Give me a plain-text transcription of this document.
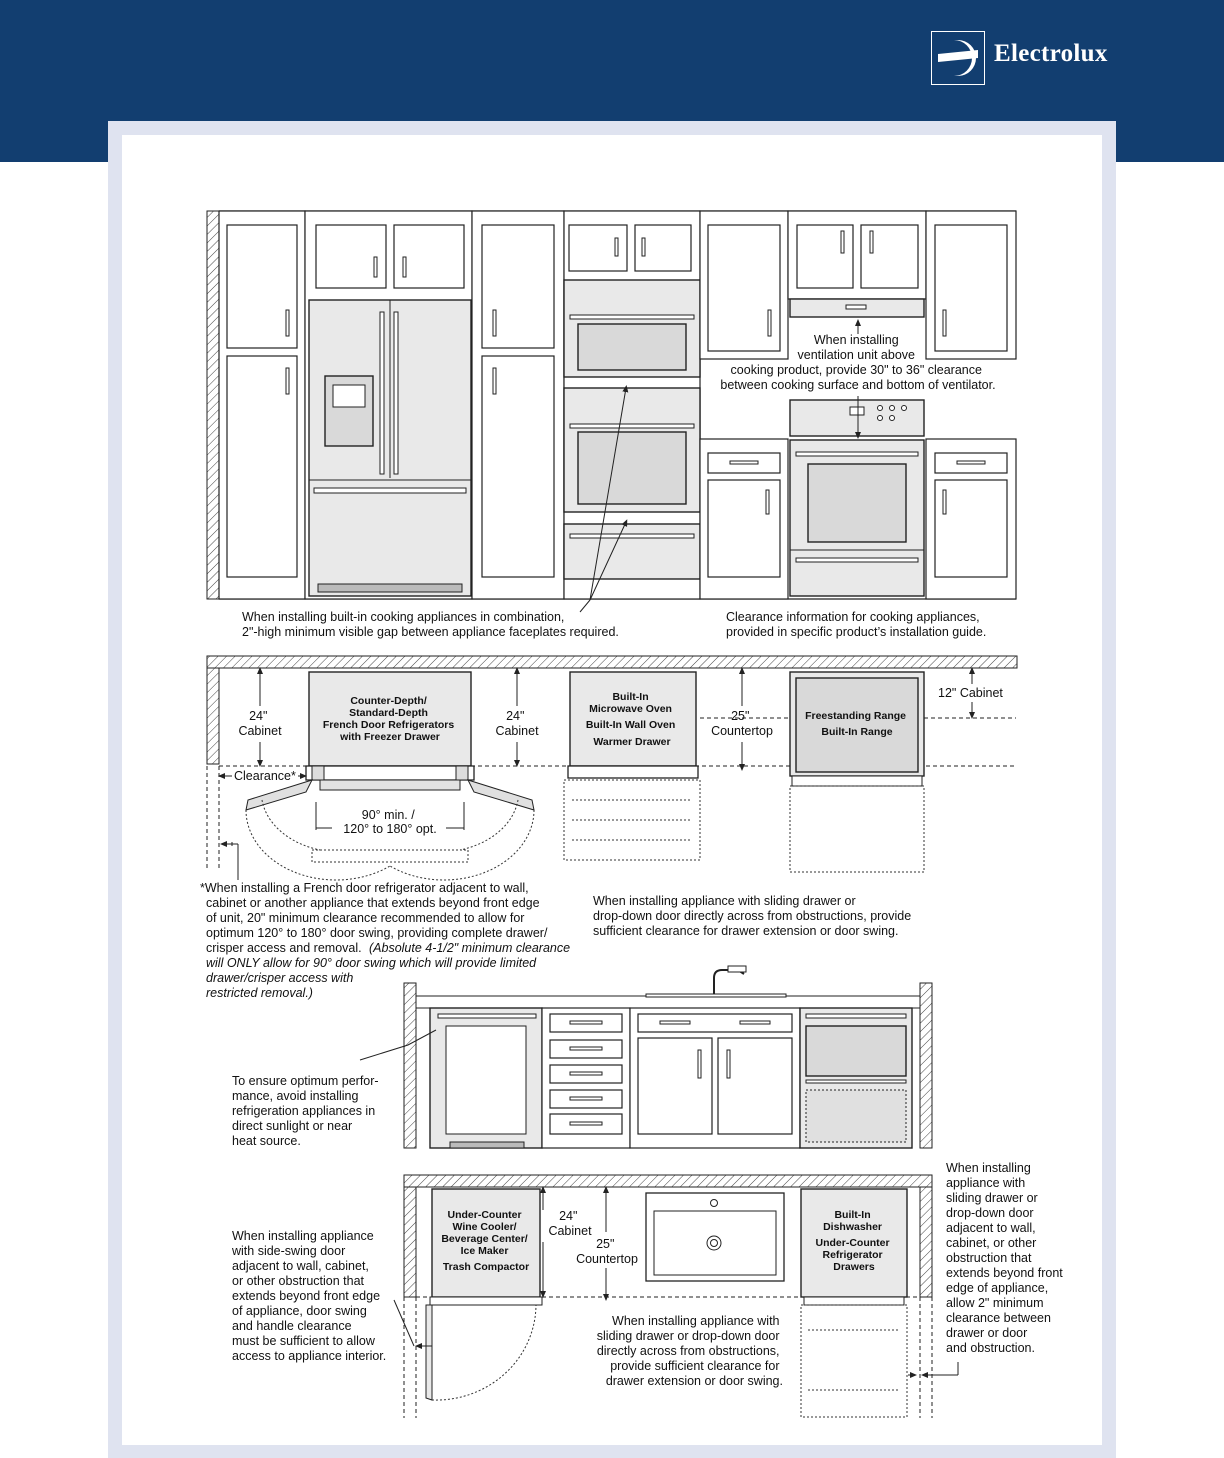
Electrolux
When installing ventilation unit above cooking product, provide 30" to 36" clearance between cooking surface and bottom of ventilator.
When installing built-in cooking appliances in combination, 2"-high minimum visible gap between appliance faceplates required.
Clearance information for cooking appliances, provided in specific product’s installation guide.
Counter-Depth/ Standard-Depth French Door Refrigerators with Freezer Drawer
Built-In Microwave Oven Built-In Wall Oven Warmer Drawer
Freestanding Range Built-In Range
24" Cabinet
24" Cabinet
25" Countertop
12" Cabinet
Clearance*
90° min. / 120° to 180° opt.
*When installing a French door refrigerator adjacent to wall, cabinet or another appliance that extends beyond front edge of unit, 20" minimum clearance recommended to allow for optimum 120° to 180° door swing, providing complete drawer/ crisper access and removal. (Absolute 4-1/2" minimum clearance will ONLY allow for 90° door swing which will provide limited drawer/crisper access with restricted removal.)
When installing appliance with sliding drawer or drop-down door directly across from obstructions, provide sufficient clearance for drawer extension or door swing.
To ensure optimum perfor- mance, avoid installing refrigeration appliances in direct sunlight or near heat source.
Under-Counter Wine Cooler/ Beverage Center/ Ice Maker Trash Compactor
Built-In Dishwasher Under-Counter Refrigerator Drawers
24" Cabinet
25" Countertop
When installing appliance with side-swing door adjacent to wall, cabinet, or other obstruction that extends beyond front edge of appliance, door swing and handle clearance must be sufficient to allow access to appliance interior.
When installing appliance with sliding drawer or drop-down door directly across from obstructions, provide sufficient clearance for drawer extension or door swing.
When installing appliance with sliding drawer or drop-down door adjacent to wall, cabinet, or other obstruction that extends beyond front edge of appliance, allow 2" minimum clearance between drawer or door and obstruction.
